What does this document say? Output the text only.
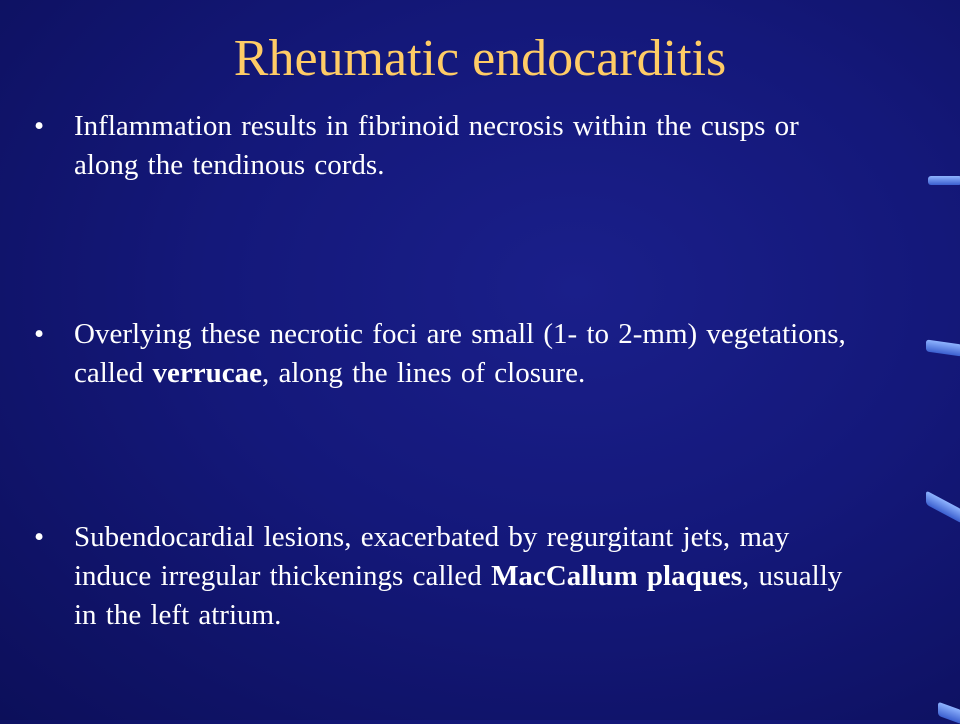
Rheumatic endocarditis
• Inflammation results in fibrinoid necrosis within the cusps or along the tendinous cords.
• Overlying these necrotic foci are small (1- to 2-mm) vegetations, called verrucae, along the lines of closure.
• Subendocardial lesions, exacerbated by regurgitant jets, may induce irregular thickenings called MacCallum plaques, usually in the left atrium.
